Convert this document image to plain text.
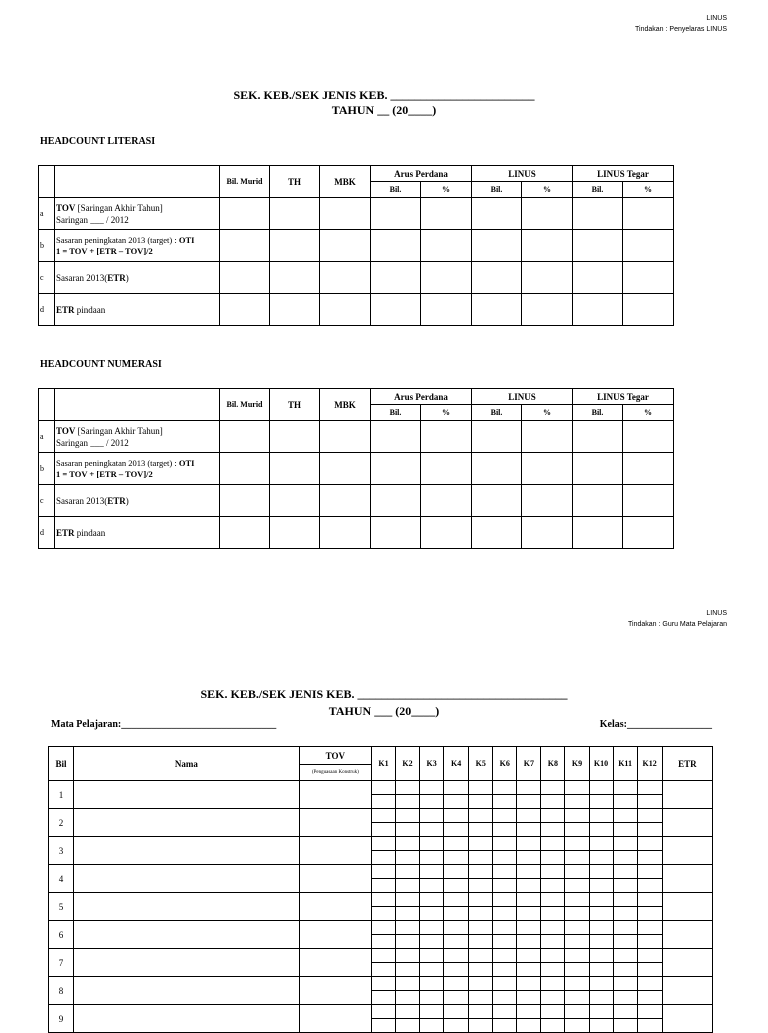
LINUS
Tindakan : Penyelaras LINUS
SEK. KEB./SEK JENIS KEB. ________________________
TAHUN __ (20____)
HEADCOUNT LITERASI
		Bil. Murid	TH	MBK	Arus Perdana		LINUS		LINUS Tegar	
					Bil.	%	Bil.	%	Bil.	%
a	TOV [Saringan Akhir Tahun]
Saringan ___ / 2012									
b	Sasaran peningkatan 2013 (target) : OTI
1 = TOV + [ETR – TOV]/2									
c	Sasaran 2013(ETR)									
d	ETR pindaan									
HEADCOUNT NUMERASI
		Bil. Murid	TH	MBK	Arus Perdana		LINUS		LINUS Tegar	
					Bil.	%	Bil.	%	Bil.	%
a	TOV [Saringan Akhir Tahun]
Saringan ___ / 2012									
b	Sasaran peningkatan 2013 (target) : OTI
1 = TOV + [ETR – TOV]/2									
c	Sasaran 2013(ETR)									
d	ETR pindaan									
LINUS
Tindakan : Guru Mata Pelajaran
SEK. KEB./SEK JENIS KEB. ___________________________________
TAHUN ___ (20____)
Mata Pelajaran:_______________________________	Kelas:_________________
Bil	Nama	TOV	K1	K2	K3	K4	K5	K6	K7	K8	K9	K10	K11	K12	ETR
		(Penguasaan Konstruk)													
1															

2															

3															

4															

5															

6															

7															

8															

9															
